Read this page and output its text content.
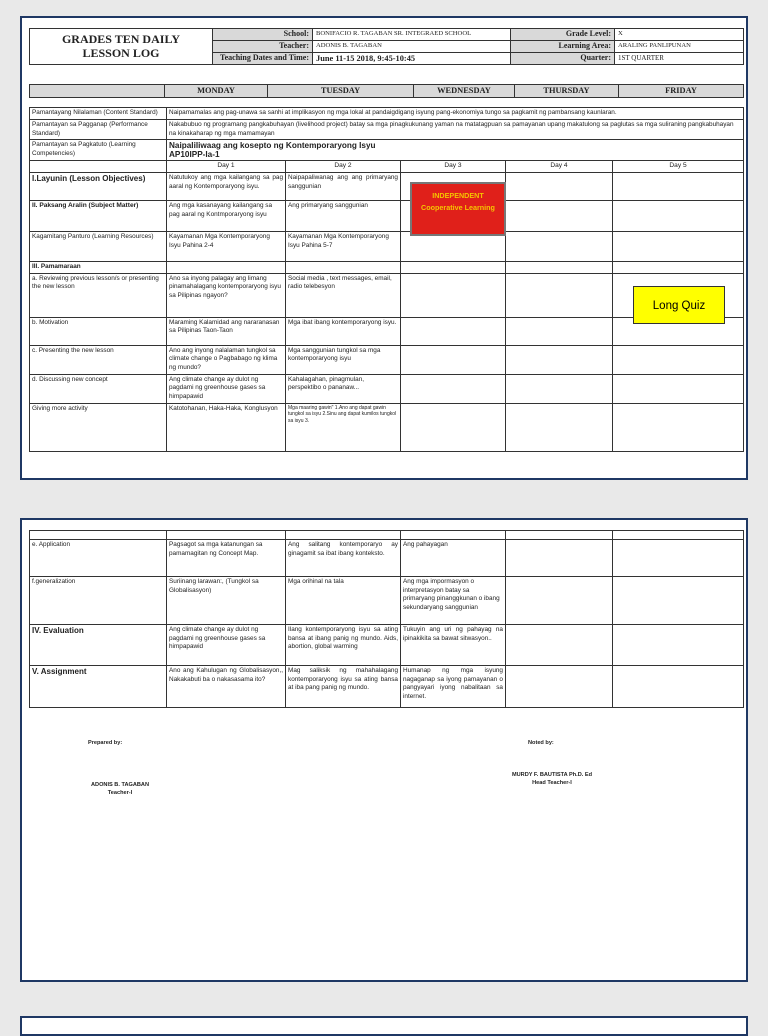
GRADES TEN DAILY
LESSON LOG	School:	BONIFACIO R. TAGABAN SR. INTEGRAED SCHOOL	Grade Level:	X
	Teacher:	ADONIS B. TAGABAN	Learning Area:	ARALING PANLIPUNAN
	Teaching Dates and Time:	June 11-15 2018, 9:45-10:45	Quarter:	1ST QUARTER

	MONDAY	TUESDAY	WEDNESDAY	THURSDAY	FRIDAY
Pamantayang Nilalaman (Content Standard)	Naipamamalas ang pag-unawa sa sanhi at implikasyon ng mga lokal at pandaigdigang isyung pang-ekonomiya tungo sa pagkamit ng pambansang kaunlaran.				
Pamantayan sa Pagganap (Performance Standard)	Nakabubuo ng programang pangkabuhayan (livelihood project) batay sa mga pinagkukunang yaman na matatagpuan sa pamayanan upang makatulong sa paglutas sa mga suliraning pangkabuhayan na kinakaharap ng mga mamamayan				
Pamantayan sa Pagkatuto (Learning Competencies)	Naipaliliwaag ang kosepto ng Kontemporaryong Isyu
AP10IPP-Ia-1				

	Day 1	Day 2	Day 3	Day 4	Day 5
I.Layunin (Lesson Objectives)	Natutukoy ang mga kailangang sa pag aaral ng Kontemporaryong isyu.	Naipapaliwanag ang ang primaryang sanggunian			
II. Paksang Aralin (Subject Matter)	Ang mga kasanayang kailangang sa pag aaral ng Kontmporaryong isyu	Ang primaryang sanggunian			
Kagamitang Panturo (Learning Resources)	Kayamanan Mga Kontemporaryong Isyu Pahina 2-4	Kayamanan Mga Kontemporaryong Isyu Pahina 5-7			
III. Pamamaraan					
a. Reviewing previous lesson/s or presenting the new lesson	Ano sa inyong palagay ang limang pinamahalagang kontemporaryong isyu sa Pilipinas ngayon?	Social media , text messages, email, radio telebesyon			
b. Motivation	Maraming Kalamidad ang nararanasan sa Pilipinas Taon-Taon	Mga ibat ibang kontemporaryong isyu.			
c. Presenting the new lesson	Ano ang inyong nalalaman tungkol sa climate change o Pagbabago ng klima ng mundo?	Mga sanggunian tungkol sa mga kontemporaryong isyu			
d. Discussing new concept	Ang climate change ay dulot ng pagdami ng greenhouse gases sa himpapawid	Kahalagahan, pinagmulan, perspektibo o pananaw...			
Giving more activity	Katotohanan, Haka-Haka, Konglusyon	Mga maaring gawin" 1.Ano ang dapat gawin tungkol sa isyu 2.Sinu ang dapat kumilos tungkol sa isyu 3.			
INDEPENDENT Cooperative Learning
Long Quiz

e. Application	Pagsagot sa mga katanungan sa pamamagitan ng Concept Map.	Ang salitang kontemporaryo ay ginagamit sa ibat ibang konteksto.	Ang pahayagan		
f.generalization	Suriinang larawan:, (Tungkol sa Globalisasyon)	Mga orihinal na tala	Ang mga impormasyon o interpretasyon batay sa primaryang pinanggkunan o ibang sekundaryang sanggunian		
IV. Evaluation	Ang climate change ay dulot ng pagdami ng greenhouse gases sa himpapawid	Ilang kontemporaryong isyu sa ating bansa at ibang panig ng mundo. Aids, abortion, global warming	Tukuyin ang uri ng pahayag na ipinakikita sa bawat sitwasyon..		
V. Assignment	Ano ang Kahulugan ng Globalisasyon,, Nakakabuti ba o nakasasama ito?	Mag saliksik ng mahahalagang kontemporaryong isyu sa ating bansa at iba pang panig ng mundo.	Humanap ng mga isyung nagaganap sa iyong pamayanan o pangyayari iyong nabalitaan sa internet.		
Prepared by:
ADONIS B. TAGABAN
Teacher-I
Noted by:
MURDY F. BAUTISTA Ph.D. Ed
Head Teacher-I
